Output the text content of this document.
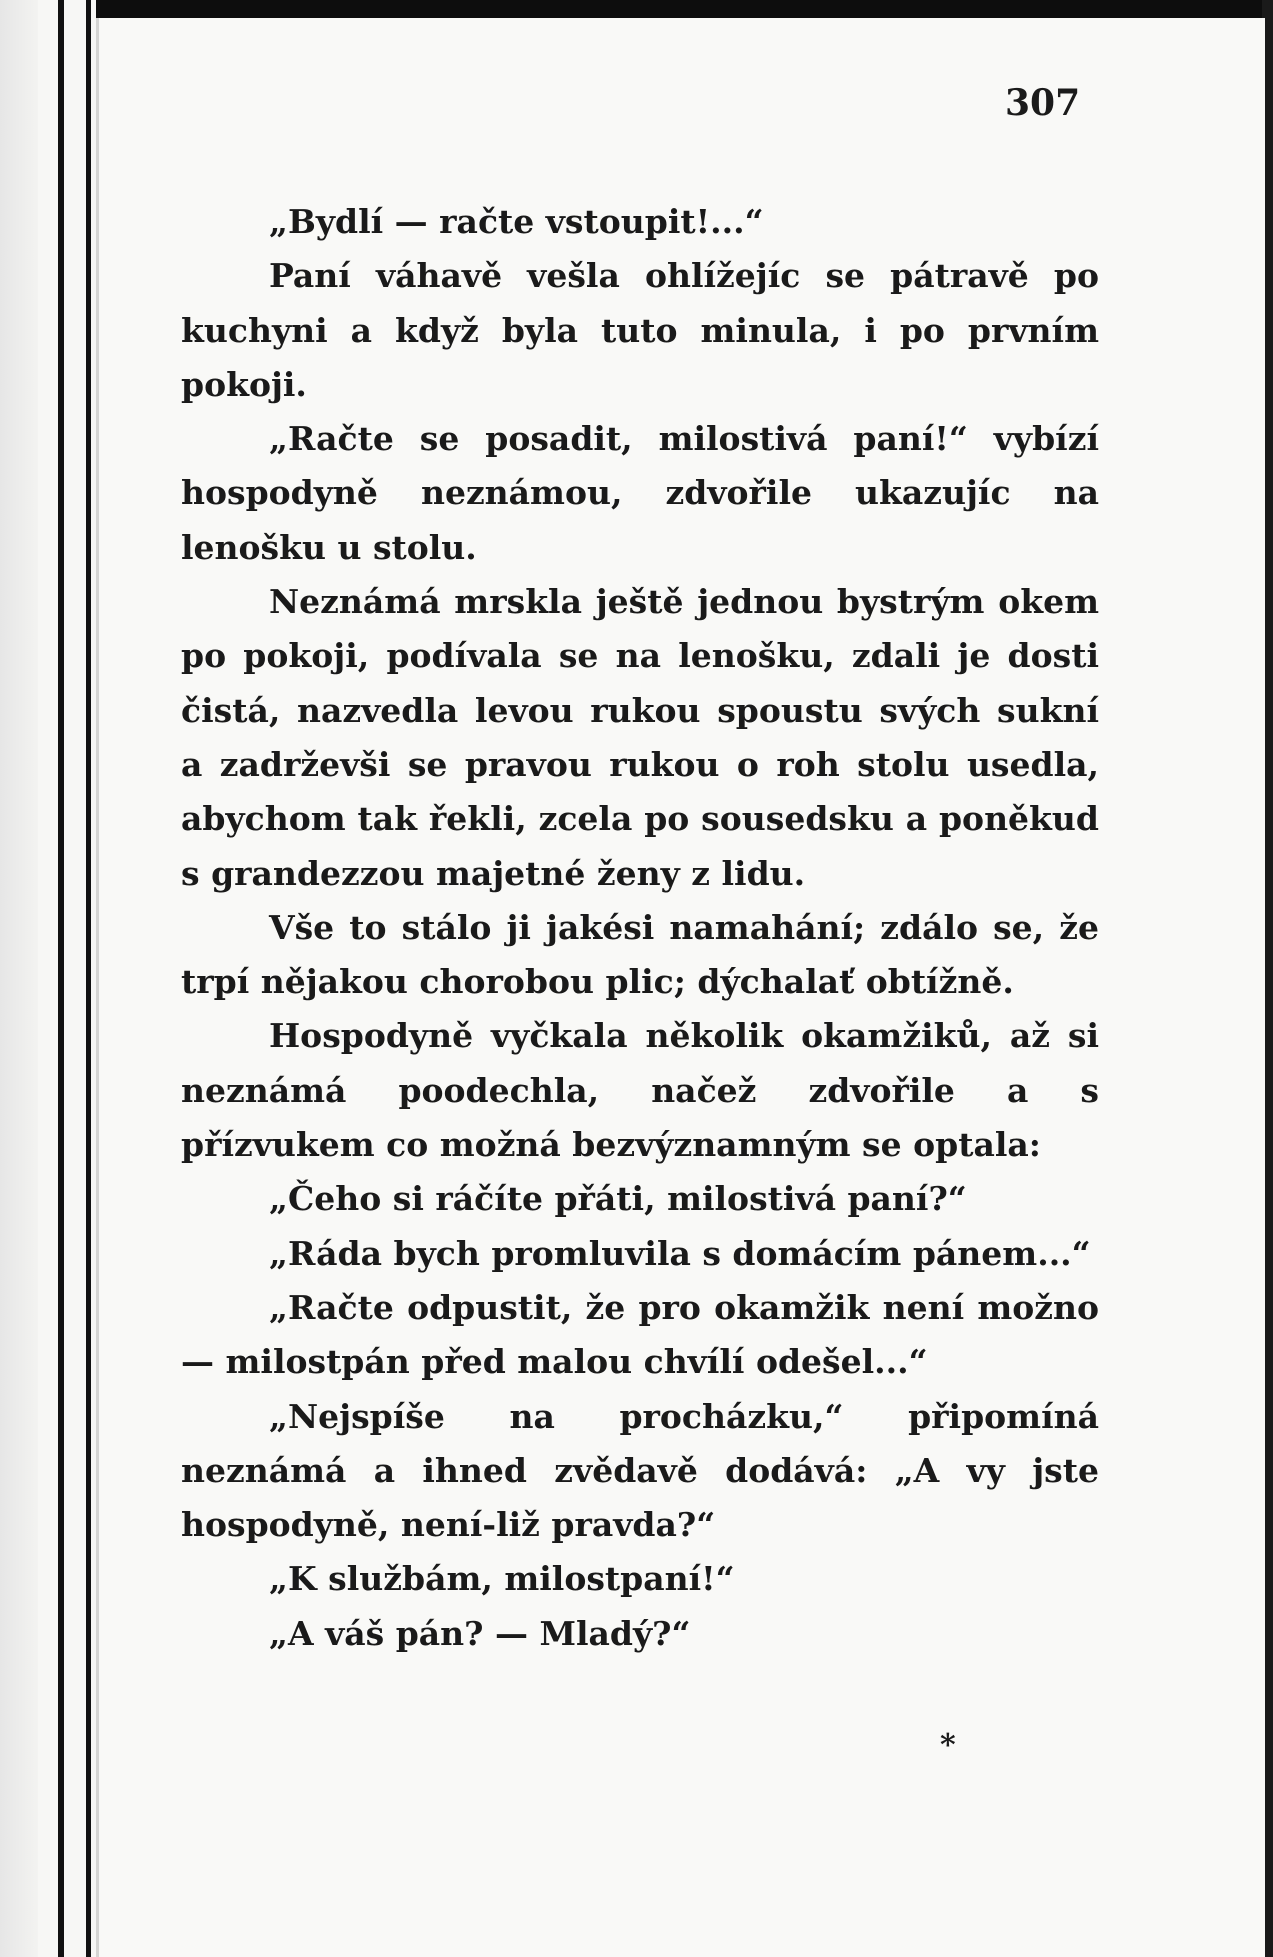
307

„Bydlí — račte vstoupit!...“

Paní váhavě vešla ohlížejíc se pátravě po kuchyni a když byla tuto minula, i po prvním pokoji.

„Račte se posadit, milostivá paní!“ vybízí hospodyně neznámou, zdvořile ukazujíc na lenošku u stolu.

Neznámá mrskla ještě jednou bystrým okem po pokoji, podívala se na lenošku, zdali je dosti čistá, nazvedla levou rukou spoustu svých sukní a zadrževši se pravou rukou o roh stolu usedla, abychom tak řekli, zcela po sousedsku a poněkud s grandezzou majetné ženy z lidu.

Vše to stálo ji jakési namahání; zdálo se, že trpí nějakou chorobou plic; dýchalať obtížně.

Hospodyně vyčkala několik okamžiků, až si neznámá poodechla, načež zdvořile a s přízvukem co možná bezvýznamným se optala:

„Čeho si ráčíte přáti, milostivá paní?“

„Ráda bych promluvila s domácím pánem...“

„Račte odpustit, že pro okamžik není možno — milostpán před malou chvílí odešel...“

„Nejspíše na procházku,“ připomíná neznámá a ihned zvědavě dodává: „A vy jste hospodyně, není-liž pravda?“

„K službám, milostpaní!“

„A váš pán? — Mladý?“

*
